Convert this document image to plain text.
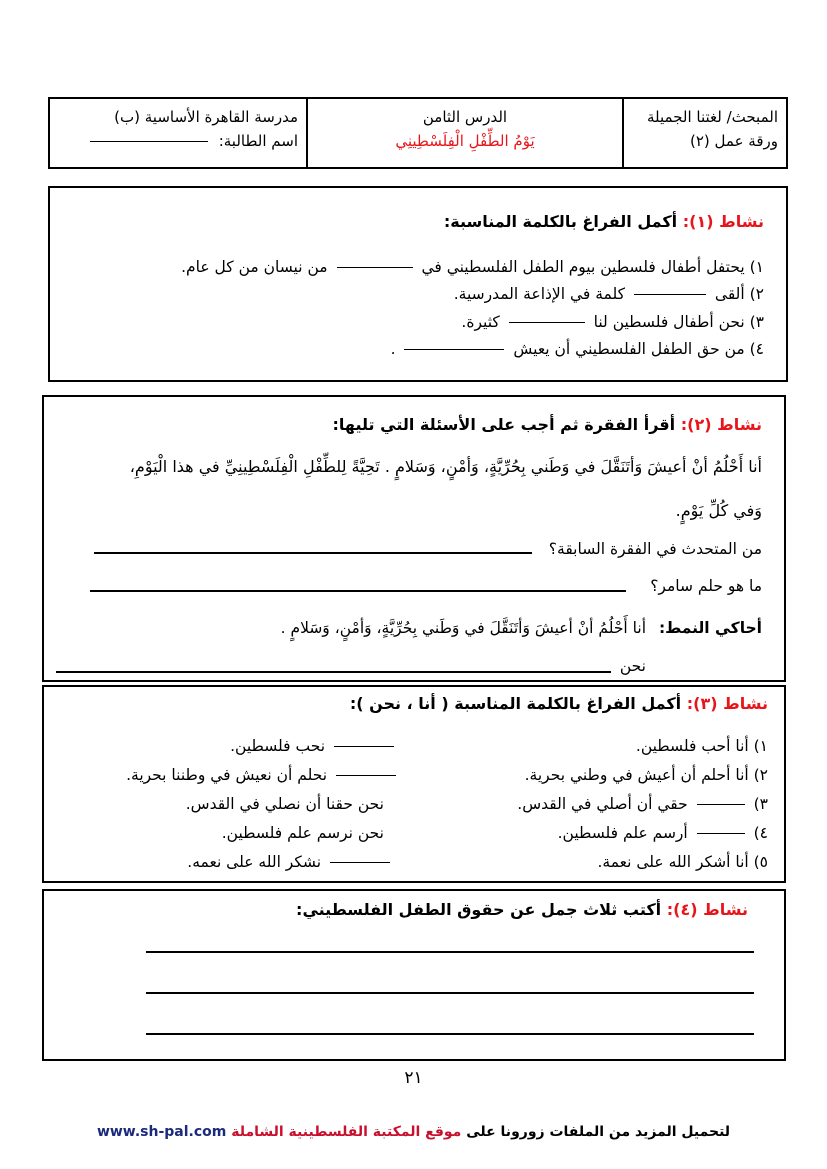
المبحث/ لغتنا الجميلة
ورقة عمل (٢)
الدرس الثامن
يَوْمُ الطِّفْلِ الْفِلَسْطِينِي
مدرسة القاهرة الأساسية (ب)
اسم الطالبة:
نشاط (١): أكمل الفراغ بالكلمة المناسبة:
١) يحتفل أطفال فلسطين بيوم الطفل الفلسطيني في  من نيسان من كل عام.
٢) ألقى  كلمة في الإذاعة المدرسية.
٣) نحن أطفال فلسطين لنا  كثيرة.
٤) من حق الطفل الفلسطيني أن يعيش  .
نشاط (٢): أقرأ الفقرة ثم أجب على الأسئلة التي تليها:
أنا أَحْلُمُ أنْ أعيشَ وَأتَنَقَّلَ في وَطَني بِحُرِّيَّةٍ، وَأمْنٍ، وَسَلامٍ . تَحِيَّةً لِلطِّفْلِ الْفِلَسْطِينِيِّ في هذا الْيَوْمِ،
وَفي كُلِّ يَوْمٍ.
من المتحدث في الفقرة السابقة؟
ما هو حلم سامر؟
أحاكي النمط: أنا أَحْلُمُ أنْ أعيشَ وَأتَنَقَّلَ في وَطَني بِحُرِّيَّةٍ، وَأمْنٍ، وَسَلامٍ .
نحن
نشاط (٣): أكمل الفراغ بالكلمة المناسبة ( أنا ، نحن ):
١) أنا أحب فلسطين.
٢) أنا أحلم أن أعيش في وطني بحرية.
٣)  حقي أن أصلي في القدس.
٤)  أرسم علم فلسطين.
٥) أنا أشكر الله على نعمة.
نحب فلسطين.
نحلم أن نعيش في وطننا بحرية.
نحن حقنا أن نصلي في القدس.
نحن نرسم علم فلسطين.
نشكر الله على نعمه.
نشاط (٤): أكتب ثلاث جمل عن حقوق الطفل الفلسطيني:
٢١
لتحميل المزيد من الملفات زورونا على موقع المكتبة الفلسطينية الشاملة www.sh-pal.com
